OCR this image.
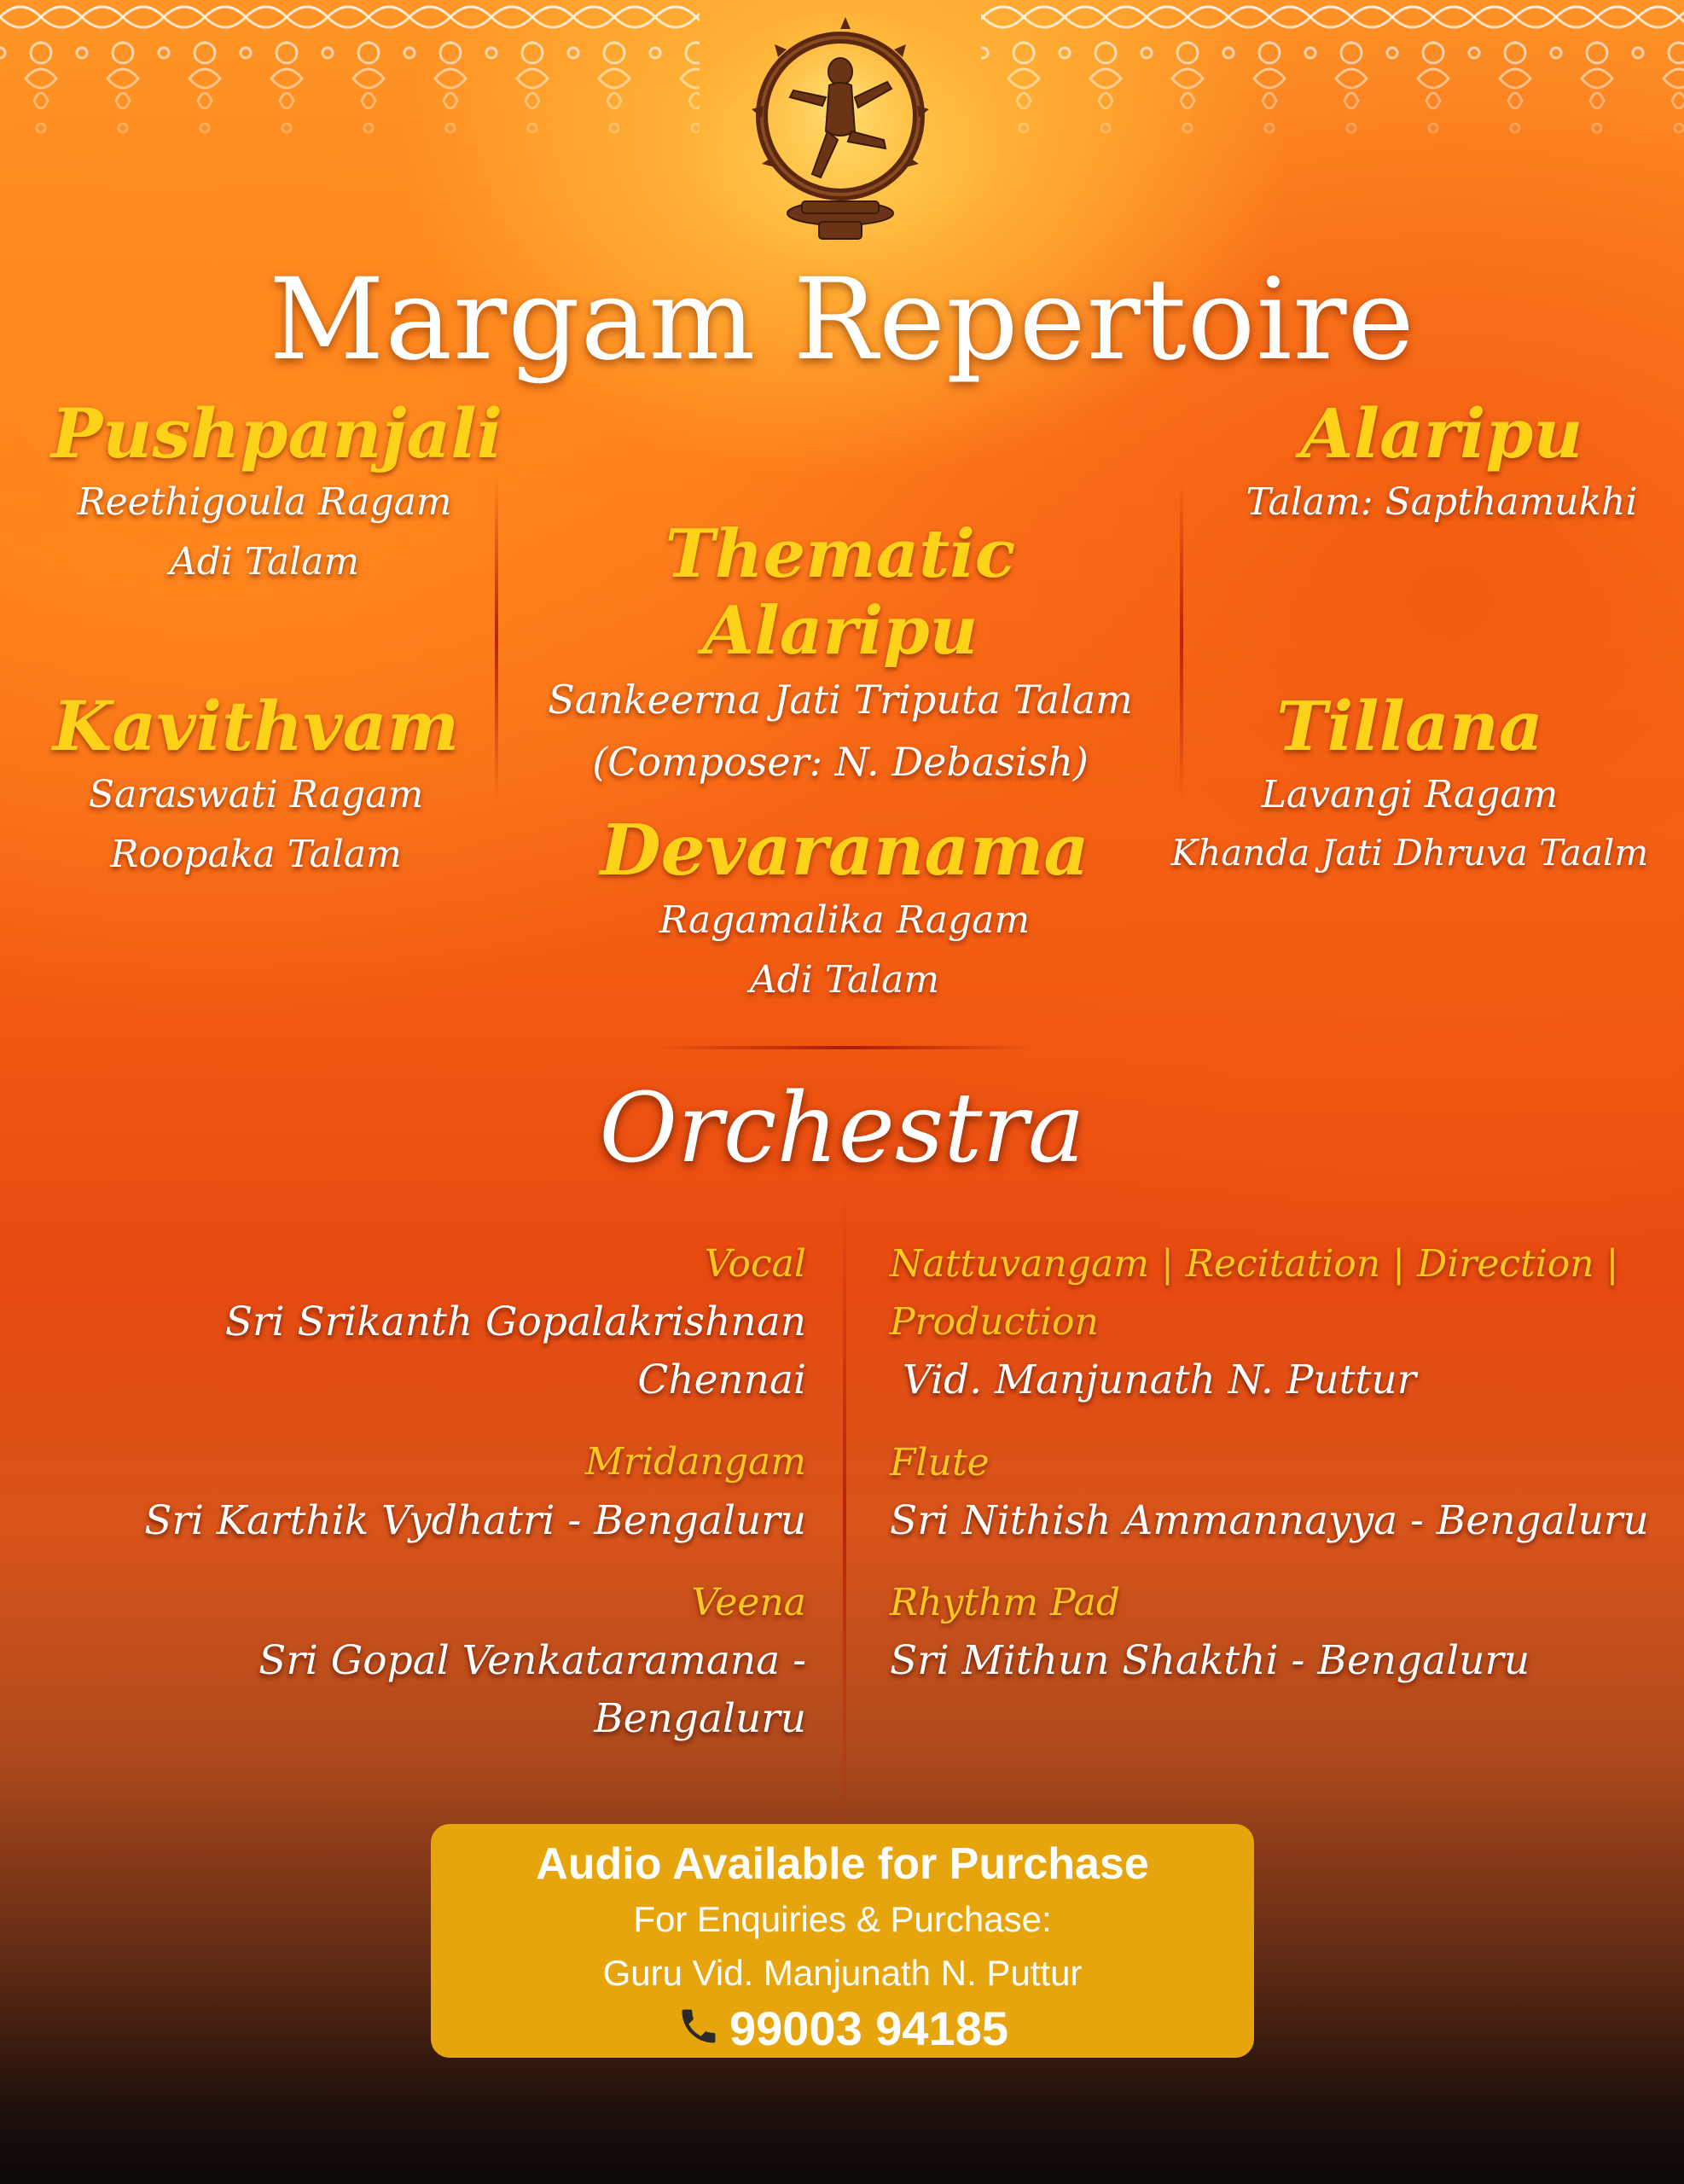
Margam Repertoire
Pushpanjali
Reethigoula Ragam
Adi Talam
Alaripu
Talam: Sapthamukhi
Thematic Alaripu
Sankeerna Jati Triputa Talam
(Composer: N. Debasish)
Kavithvam
Saraswati Ragam
Roopaka Talam
Tillana
Lavangi Ragam
Khanda Jati Dhruva Taalm
Devaranama
Ragamalika Ragam
Adi Talam
Orchestra
Vocal
Sri Srikanth Gopalakrishnan
Chennai
Mridangam
Sri Karthik Vydhatri - Bengaluru
Veena
Sri Gopal Venkataramana - Bengaluru
Nattuvangam | Recitation | Direction | Production
Vid. Manjunath N. Puttur
Flute
Sri Nithish Ammannayya - Bengaluru
Rhythm Pad
Sri Mithun Shakthi - Bengaluru
Audio Available for Purchase
For Enquiries & Purchase:
Guru Vid. Manjunath N. Puttur
99003 94185
